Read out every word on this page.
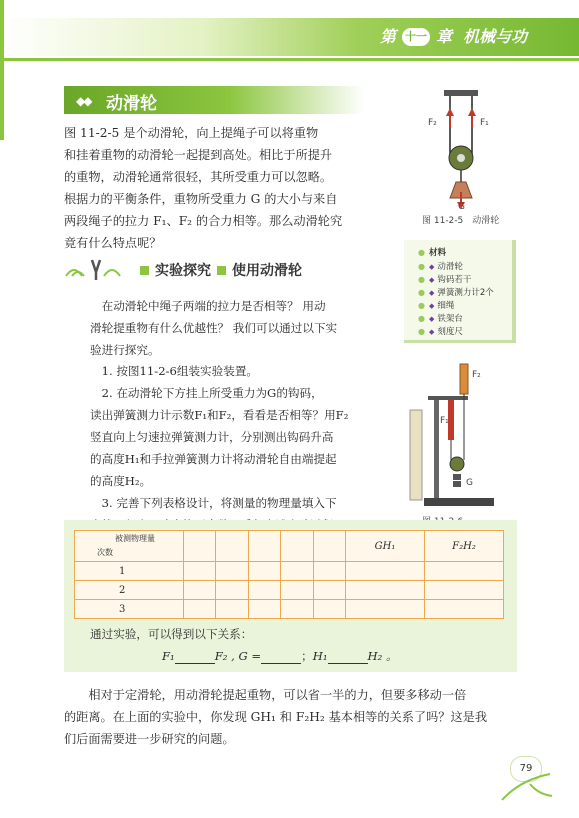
第 十一 章 机械与功
◆◆ 动滑轮
图 11-2-5 是个动滑轮，向上提绳子可以将重物
和挂着重物的动滑轮一起提到高处。相比于所提升
的重物，动滑轮通常很轻，其所受重力可以忽略。
根据力的平衡条件，重物所受重力 G 的大小与来自
两段绳子的拉力 F₁、F₂ 的合力相等。那么动滑轮究
竟有什么特点呢？
F₂	F₁
G
图 11-2-5　动滑轮
实验探究 使用动滑轮
● 材料
● ◆ 动滑轮
● ◆ 钩码若干
● ◆ 弹簧测力计2个
● ◆ 细绳
● ◆ 铁架台
● ◆ 刻度尺
在动滑轮中绳子两端的拉力是否相等？ 用动
滑轮提重物有什么优越性？ 我们可以通过以下实
验进行探究。
1. 按图11-2-6组装实验装置。
2. 在动滑轮下方挂上所受重力为G的钩码，
读出弹簧测力计示数F₁和F₂，看看是否相等？用F₂
竖直向上匀速拉弹簧测力计，分别测出钩码升高
的高度H₁和手拉弹簧测力计将动滑轮自由端提起
的高度H₂。
3. 完善下列表格设计，将测量的物理量填入下
F₂
F₁
G
被测物理量
次数						GH₁	F₂H₂
1							
2							
3							
通过实验，可以得到以下关系：
F₁	F₂ , G =	；H₁	H₂ 。
相对于定滑轮，用动滑轮提起重物，可以省一半的力，但要多移动一倍
的距离。在上面的实验中，你发现 GH₁ 和 F₂H₂ 基本相等的关系了吗？这是我
们后面需要进一步研究的问题。
79
